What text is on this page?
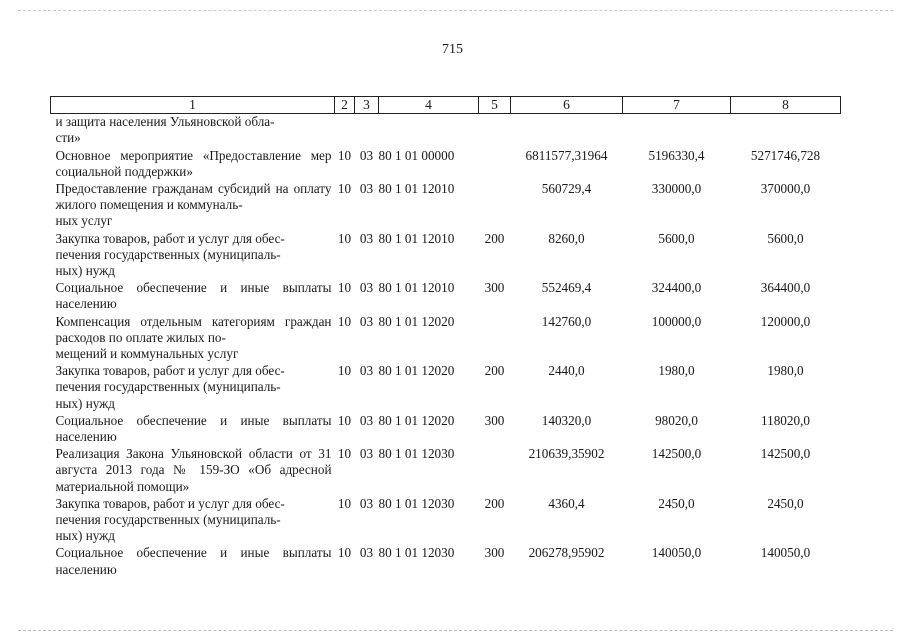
715
1	2	3	4	5	6	7	8
и защита населения Ульяновской обла-
сти»							
Основное мероприятие «Предоставление мер социальной поддержки»	10	03	80 1 01 00000		6811577,31964	5196330,4	5271746,728
Предоставление гражданам субсидий на оплату жилого помещения и коммуналь-
ных услуг	10	03	80 1 01 12010		560729,4	330000,0	370000,0
Закупка товаров, работ и услуг для обес-
печения государственных (муниципаль-
ных) нужд	10	03	80 1 01 12010	200	8260,0	5600,0	5600,0
Социальное обеспечение и иные выплаты населению	10	03	80 1 01 12010	300	552469,4	324400,0	364400,0
Компенсация отдельным категориям граждан расходов по оплате жилых по-
мещений и коммунальных услуг	10	03	80 1 01 12020		142760,0	100000,0	120000,0
Закупка товаров, работ и услуг для обес-
печения государственных (муниципаль-
ных) нужд	10	03	80 1 01 12020	200	2440,0	1980,0	1980,0
Социальное обеспечение и иные выплаты населению	10	03	80 1 01 12020	300	140320,0	98020,0	118020,0
Реализация Закона Ульяновской области от 31 августа 2013 года № 159-ЗО «Об адресной материальной помощи»	10	03	80 1 01 12030		210639,35902	142500,0	142500,0
Закупка товаров, работ и услуг для обес-
печения государственных (муниципаль-
ных) нужд	10	03	80 1 01 12030	200	4360,4	2450,0	2450,0
Социальное обеспечение и иные выплаты населению	10	03	80 1 01 12030	300	206278,95902	140050,0	140050,0
